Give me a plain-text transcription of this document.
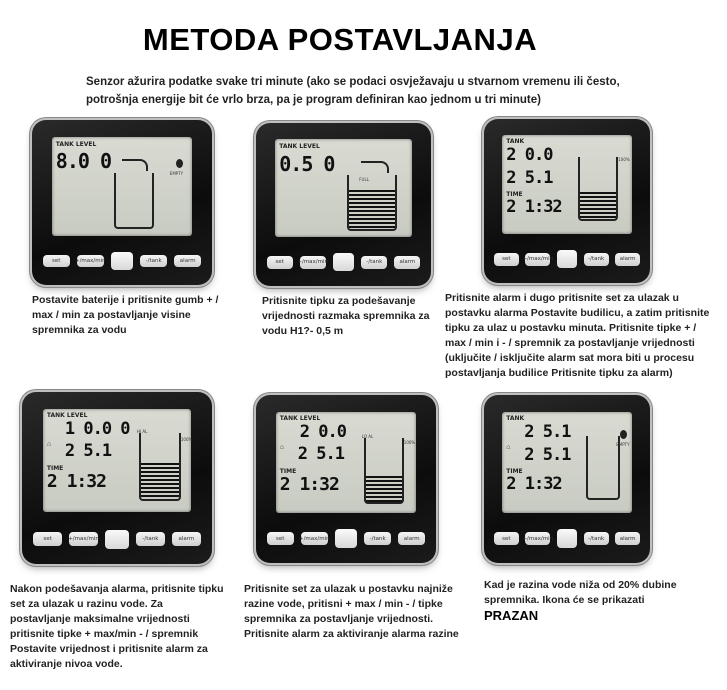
METODA POSTAVLJANJA
Senzor ažurira podatke svake tri minute (ako se podaci osvježavaju u stvarnom vremenu ili često, potrošnja energije bit će vrlo brza, pa je program definiran kao jednom u tri minute)
TANK LEVEL
8.0 0
EMPTY
set	+/max/min	-/tank	alarm
TANK LEVEL
0.5 0
FULL
set	+/max/min	-/tank	alarm
TANK
2 0.0
2 5.1
TIME
2 1:32
100%
set	+/max/min	-/tank	alarm
TANK LEVEL
1 0.0 0
⌂ 2 5.1
TIME
2 1:32
HI AL
100%
set	+/max/min	-/tank	alarm
TANK LEVEL
2 0.0
⌂ 2 5.1
TIME
2 1:32
LO AL
100%
set	+/max/min	-/tank	alarm
TANK
2 5.1
⌂ 2 5.1
TIME
2 1:32
EMPTY
set	+/max/min	-/tank	alarm
Postavite baterije i pritisnite gumb + / max / min za postavljanje visine spremnika za vodu
Pritisnite tipku za podešavanje vrijednosti razmaka spremnika za vodu H1?- 0,5 m
Pritisnite alarm i dugo pritisnite set za ulazak u postavku alarma Postavite budilicu, a zatim pritisnite tipku za ulaz u postavku minuta. Pritisnite tipke + / max / min i - / spremnik za postavljanje vrijednosti (uključite / isključite alarm sat mora biti u procesu postavljanja budilice Pritisnite tipku za alarm)
Nakon podešavanja alarma, pritisnite tipku set za ulazak u razinu vode. Za postavljanje maksimalne vrijednosti pritisnite tipke + max/min - / spremnik Postavite vrijednost i pritisnite alarm za aktiviranje nivoa vode.
Pritisnite set za ulazak u postavku najniže razine vode, pritisni + max / min - / tipke spremnika za postavljanje vrijednosti. Pritisnite alarm za aktiviranje alarma razine
Kad je razina vode niža od 20% dubine spremnika. Ikona će se prikazati PRAZAN
